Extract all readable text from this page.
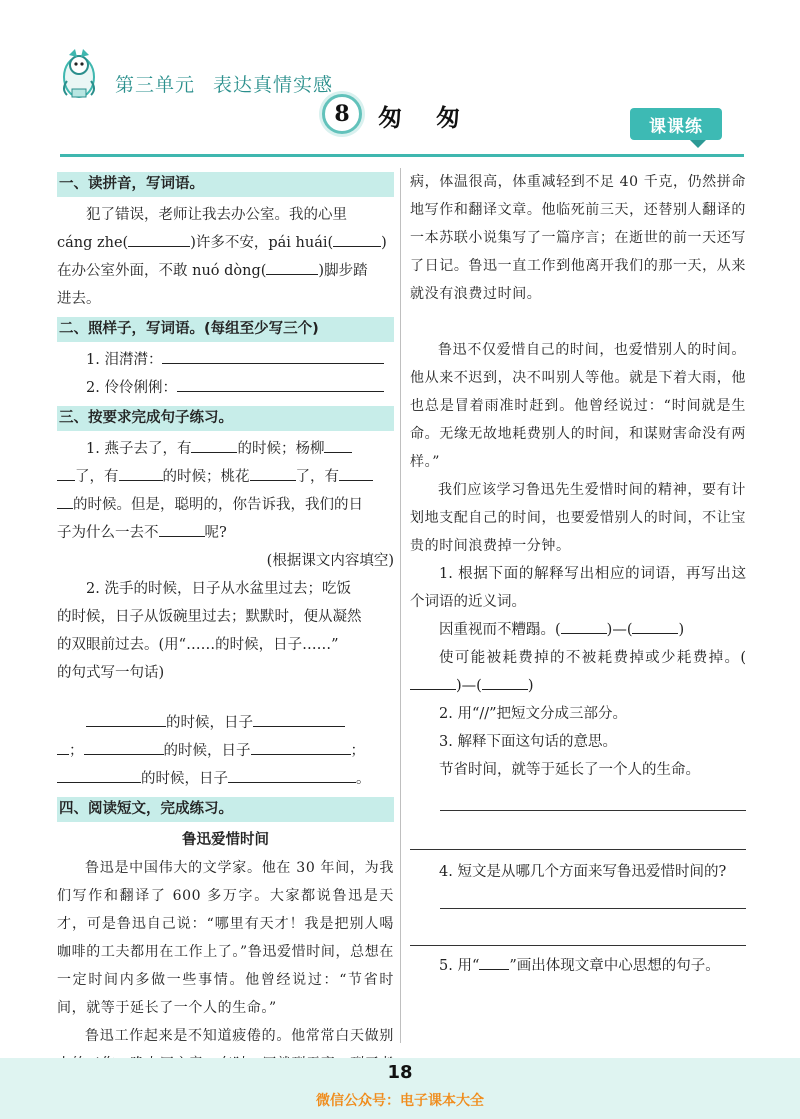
第三单元 表达真情实感
8	匆匆	课课练
一、读拼音，写词语。
犯了错误，老师让我去办公室。我的心里
cáng zhe(	)许多不安，pái huái(	)
在办公室外面，不敢 nuó dòng(	)脚步踏
进去。
二、照样子，写词语。(每组至少写三个)
1. 泪潸潸：
2. 伶伶俐俐：
三、按要求完成句子练习。
1. 燕子去了，有	的时候；杨柳
了，有	的时候；桃花	了，有
的时候。但是，聪明的，你告诉我，我们的日
子为什么一去不	呢?
(根据课文内容填空)
2. 洗手的时候，日子从水盆里过去；吃饭
的时候，日子从饭碗里过去；默默时，便从凝然
的双眼前过去。(用“……的时候，日子……”
的句式写一句话)
的时候，日子
；	的时候，日子	；
的时候，日子	。
四、阅读短文，完成练习。
鲁迅爱惜时间
鲁迅是中国伟大的文学家。他在 30 年间，为我们写作和翻译了 600 多万字。大家都说鲁迅是天才，可是鲁迅自己说：“哪里有天才！我是把别人喝咖啡的工夫都用在工作上了。”鲁迅爱惜时间，总想在一定时间内多做一些事情。他曾经说过：“节省时间，就等于延长了一个人的生命。”
鲁迅工作起来是不知道疲倦的。他常常白天做别
病，体温很高，体重减轻到不足 40 千克，仍然拼命地写作和翻译文章。他临死前三天，还替别人翻译的一本苏联小说集写了一篇序言；在逝世的前一天还写了日记。鲁迅一直工作到他离开我们的那一天，从来就没有浪费过时间。
鲁迅不仅爱惜自己的时间，也爱惜别人的时间。他从来不迟到，决不叫别人等他。就是下着大雨，他也总是冒着雨准时赶到。他曾经说过：“时间就是生命。无缘无故地耗费别人的时间，和谋财害命没有两样。”
我们应该学习鲁迅先生爱惜时间的精神，要有计划地支配自己的时间，也要爱惜别人的时间，不让宝贵的时间浪费掉一分钟。
1. 根据下面的解释写出相应的词语，再写出这个词语的近义词。
因重视而不糟蹋。(	)—(	)
使可能被耗费掉的不被耗费掉或少耗费掉。()—(	)
2. 用“//”把短文分成三部分。
3. 解释下面这句话的意思。
节省时间，就等于延长了一个人的生命。
4. 短文是从哪几个方面来写鲁迅爱惜时间的?
5. 用“ ”画出体现文章中心思想的句子。
18
微信公众号：电子课本大全
